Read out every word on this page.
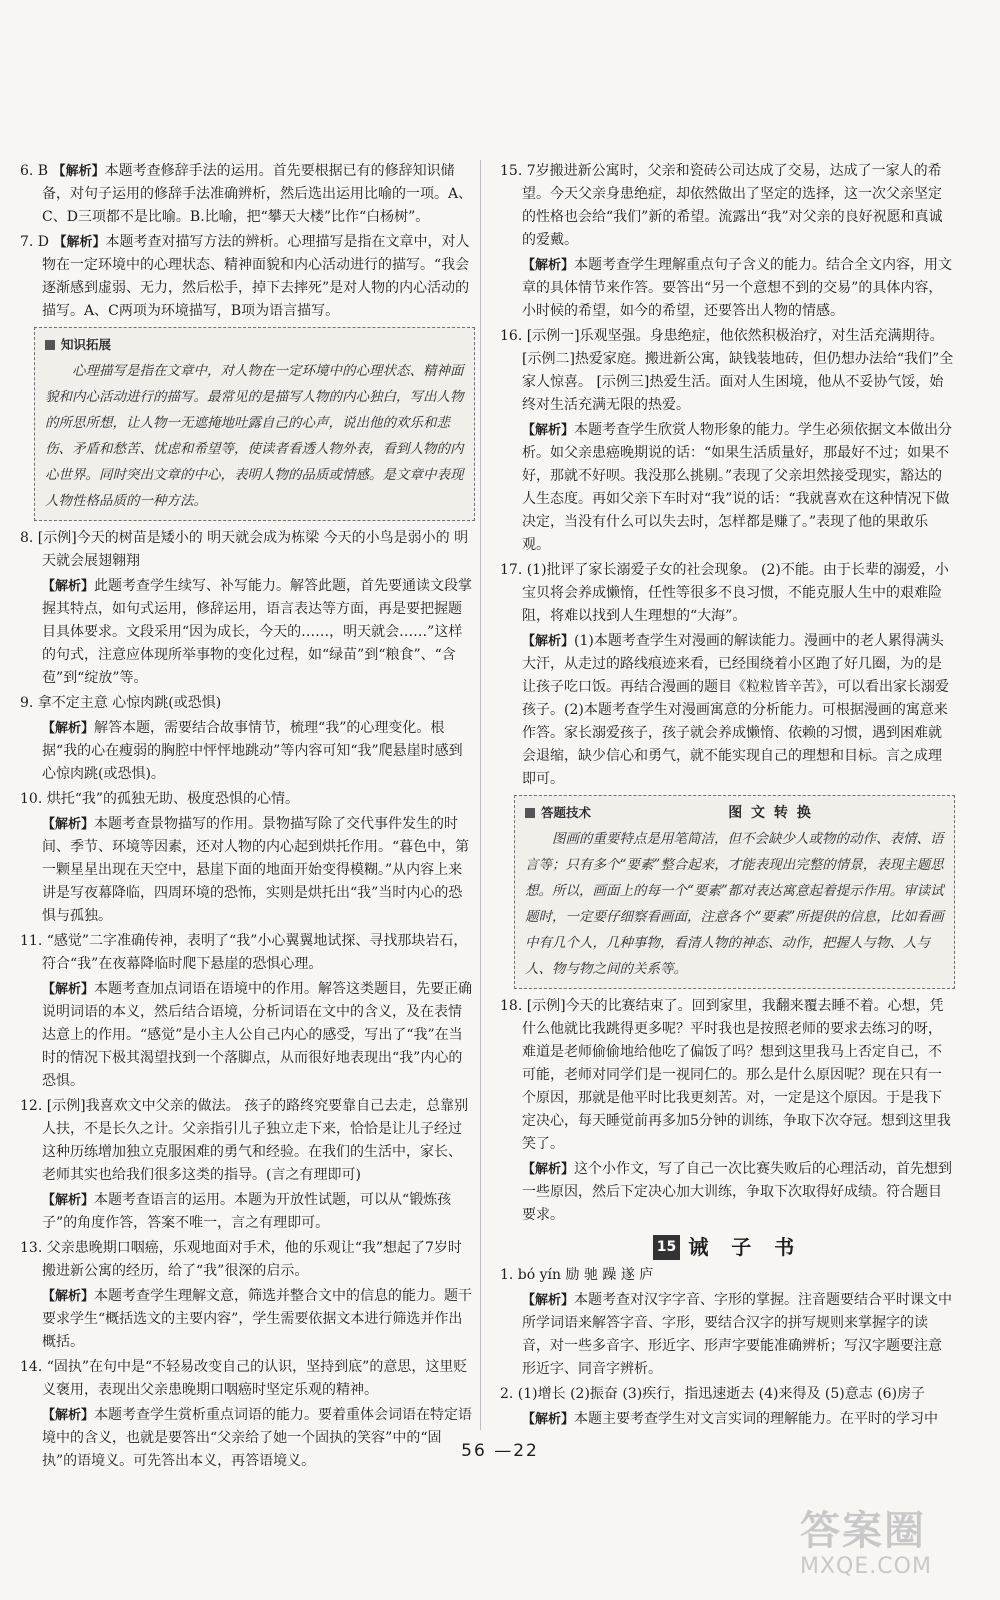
6. B 【 解析 】 本题考查修辞手法的运用。首先要根据已有的修辞知识储备，对句子运用的修辞手法准确辨析，然后选出运用比喻的一项。A、C、D三项都不是比喻。B.比喻，把“攀天大楼”比作“白杨树”。

7. D 【 解析 】 本题考查对描写方法的辨析。心理描写是指在文章中，对人物在一定环境中的心理状态、精神面貌和内心活动进行的描写。“我会逐渐感到虚弱、无力，然后松手，掉下去摔死”是对人物的内心活动的描写。A、C两项为环境描写，B项为语言描写。

知识拓展
心理描写是指在文章中，对人物在一定环境中的心理状态、精神面貌和内心活动进行的描写。最常见的是描写人物的内心独白，写出人物的所思所想，让人物一无遮掩地吐露自己的心声，说出他的欢乐和悲伤、矛盾和愁苦、忧虑和希望等，使读者看透人物外表，看到人物的内心世界。同时突出文章的中心，表明人物的品质或情感。是文章中表现人物性格品质的一种方法。

8. [示例]今天的树苗是矮小的 明天就会成为栋梁 今天的小鸟是弱小的 明天就会展翅翱翔

【 解析 】 此题考查学生续写、补写能力。解答此题，首先要通读文段掌握其特点，如句式运用，修辞运用，语言表达等方面，再是要把握题目具体要求。文段采用“因为成长，今天的……，明天就会……”这样的句式，注意应体现所举事物的变化过程，如“绿苗”到“粮食”、“含苞”到“绽放”等。

9. 拿不定主意 心惊肉跳(或恐惧)

【 解析 】 解答本题，需要结合故事情节，梳理“我”的心理变化。根据“我的心在瘦弱的胸腔中怦怦地跳动”等内容可知“我”爬悬崖时感到心惊肉跳(或恐惧)。

10. 烘托“我”的孤独无助、极度恐惧的心情。

【 解析 】 本题考查景物描写的作用。景物描写除了交代事件发生的时间、季节、环境等因素，还对人物的内心起到烘托作用。“暮色中，第一颗星星出现在天空中，悬崖下面的地面开始变得模糊。”从内容上来讲是写夜幕降临，四周环境的恐怖，实则是烘托出“我”当时内心的恐惧与孤独。

11. “感觉”二字准确传神，表明了“我”小心翼翼地试探、寻找那块岩石，符合“我”在夜幕降临时爬下悬崖的恐惧心理。

【 解析 】 本题考查加点词语在语境中的作用。解答这类题目，先要正确说明词语的本义，然后结合语境，分析词语在文中的含义，及在表情达意上的作用。“感觉”是小主人公自己内心的感受，写出了“我”在当时的情况下极其渴望找到一个落脚点，从而很好地表现出“我”内心的恐惧。

12. [示例]我喜欢文中父亲的做法。 孩子的路终究要靠自己去走，总靠别人扶，不是长久之计。父亲指引儿子独立走下来，恰恰是让儿子经过这种历练增加独立克服困难的勇气和经验。在我们的生活中，家长、老师其实也给我们很多这类的指导。(言之有理即可)

【 解析 】 本题考查语言的运用。本题为开放性试题，可以从“锻炼孩子”的角度作答，答案不唯一，言之有理即可。

13. 父亲患晚期口咽癌，乐观地面对手术，他的乐观让“我”想起了7岁时搬进新公寓的经历，给了“我”很深的启示。

【 解析 】 本题考查学生理解文意，筛选并整合文中的信息的能力。题干要求学生“概括选文的主要内容”，学生需要依据文本进行筛选并作出概括。

14. “固执”在句中是“不轻易改变自己的认识，坚持到底”的意思，这里贬义褒用，表现出父亲患晚期口咽癌时坚定乐观的精神。

【 解析 】 本题考查学生赏析重点词语的能力。要着重体会词语在特定语境中的含义，也就是要答出“父亲给了她一个固执的笑容”中的“固执”的语境义。可先答出本义，再答语境义。

15. 7岁搬进新公寓时，父亲和瓷砖公司达成了交易，达成了一家人的希望。今天父亲身患绝症，却依然做出了坚定的选择，这一次父亲坚定的性格也会给“我们”新的希望。流露出“我”对父亲的良好祝愿和真诚的爱戴。

【 解析 】 本题考查学生理解重点句子含义的能力。结合全文内容，用文章的具体情节来作答。要答出“另一个意想不到的交易”的具体内容，小时候的希望，如今的希望，还要答出人物的情感。

16. [示例一]乐观坚强。身患绝症，他依然积极治疗，对生活充满期待。 [示例二]热爱家庭。搬进新公寓，缺钱装地砖，但仍想办法给“我们”全家人惊喜。 [示例三]热爱生活。面对人生困境，他从不妥协气馁，始终对生活充满无限的热爱。

【 解析 】 本题考查学生欣赏人物形象的能力。学生必须依据文本做出分析。如父亲患癌晚期说的话：“如果生活质量好，那最好不过；如果不好，那就不好呗。我没那么挑剔。”表现了父亲坦然接受现实，豁达的人生态度。再如父亲下车时对“我”说的话：“我就喜欢在这种情况下做决定，当没有什么可以失去时，怎样都是赚了。”表现了他的果敢乐观。

17. (1)批评了家长溺爱子女的社会现象。 (2)不能。由于长辈的溺爱，小宝贝将会养成懒惰，任性等很多不良习惯，不能克服人生中的艰难险阻，将难以找到人生理想的“大海”。

【 解析 】 (1)本题考查学生对漫画的解读能力。漫画中的老人累得满头大汗，从走过的路线痕迹来看，已经围绕着小区跑了好几圈，为的是让孩子吃口饭。再结合漫画的题目《粒粒皆辛苦》，可以看出家长溺爱孩子。(2)本题考查学生对漫画寓意的分析能力。可根据漫画的寓意来作答。家长溺爱孩子，孩子就会养成懒惰、依赖的习惯，遇到困难就会退缩，缺少信心和勇气，就不能实现自己的理想和目标。言之成理即可。

答题技术	图 文 转 换
图画的重要特点是用笔简洁，但不会缺少人或物的动作、表情、语言等；只有多个“要素”整合起来，才能表现出完整的情景，表现主题思想。所以，画面上的每一个“要素”都对表达寓意起着提示作用。审读试题时，一定要仔细察看画面，注意各个“要素”所提供的信息，比如看画中有几个人，几种事物，看清人物的神态、动作，把握人与物、人与人、物与物之间的关系等。

18. [示例]今天的比赛结束了。回到家里，我翻来覆去睡不着。心想，凭什么他就比我跳得更多呢？平时我也是按照老师的要求去练习的呀，难道是老师偷偷地给他吃了偏饭了吗？想到这里我马上否定自己，不可能，老师对同学们是一视同仁的。那么是什么原因呢？现在只有一个原因，那就是他平时比我更刻苦。对，一定是这个原因。于是我下定决心，每天睡觉前再多加5分钟的训练，争取下次夺冠。想到这里我笑了。

【 解析 】 这个小作文，写了自己一次比赛失败后的心理活动，首先想到一些原因，然后下定决心加大训练，争取下次取得好成绩。符合题目要求。

15 诫 子 书

1. bó yín 励 驰 躁 遂 庐

【 解析 】 本题考查对汉字字音、字形的掌握。注音题要结合平时课文中所学词语来解答字音、字形，要结合汉字的拼写规则来掌握字的读音，对一些多音字、形近字、形声字要能准确辨析；写汉字题要注意形近字、同音字辨析。

2. (1)增长 (2)振奋 (3)疾行，指迅速逝去 (4)来得及 (5)意志 (6)房子

【 解析 】 本题主要考查学生对文言实词的理解能力。在平时的学习中

56 —22
答案圈
MXQE.COM
